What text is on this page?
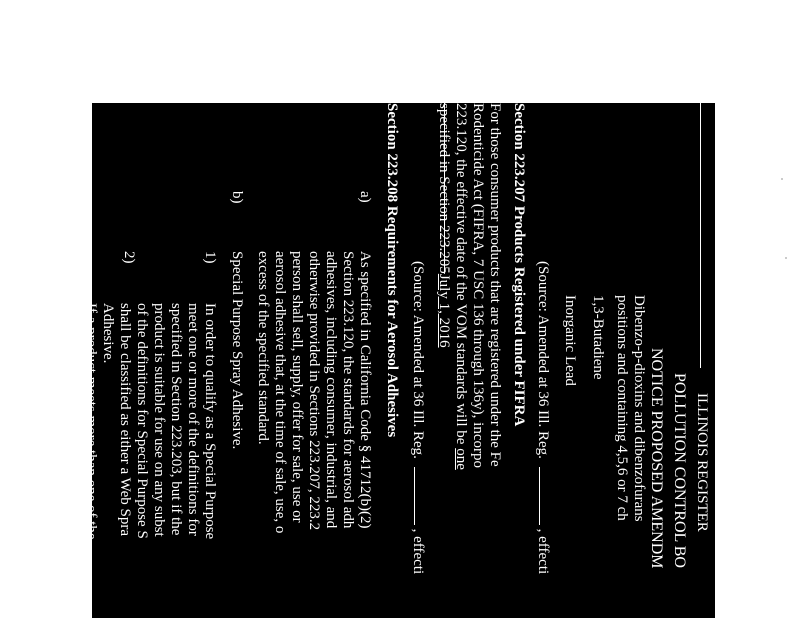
ILLINOIS REGISTER
POLLUTION CONTROL BO
NOTICE PROPOSED AMENDM
Dibenzo-p-dioxins and dibenzofurans
positions and containing 4,5,6 or 7 ch
1,3-Butadiene
Inorganic Lead
(Source: Amended at 36 Ill. Reg. , effecti
Section 223.207 Products Registered under FIFRA
For those consumer products that are registered under the Fe
Rodenticide Act (FIFRA, 7 USC 136 through 136y), incorpo
223.120, the effective date of the VOM standards will be one
specified in Section 223.205July 1, 2016
(Source: Amended at 36 Ill. Reg. , effecti
Section 223.208 Requirements for Aerosol Adhesives
a)
As specified in California Code § 41712(b)(2)
Section 223.120, the standards for aerosol adh
adhesives, including consumer, industrial, and
otherwise provided in Sections 223.207, 223.2
person shall sell, supply, offer for sale, use or
aerosol adhesive that, at the time of sale, use, o
excess of the specified standard.
b)
Special Purpose Spray Adhesive.
1)
In order to qualify as a Special Purpose
meet one or more of the definitions for
specified in Section 223.203, but if the
product is suitable for use on any subst
of the definitions for Special Purpose S
shall be classified as either a Web Spra
Adhesive.
2)
If a product meets more than one of the
